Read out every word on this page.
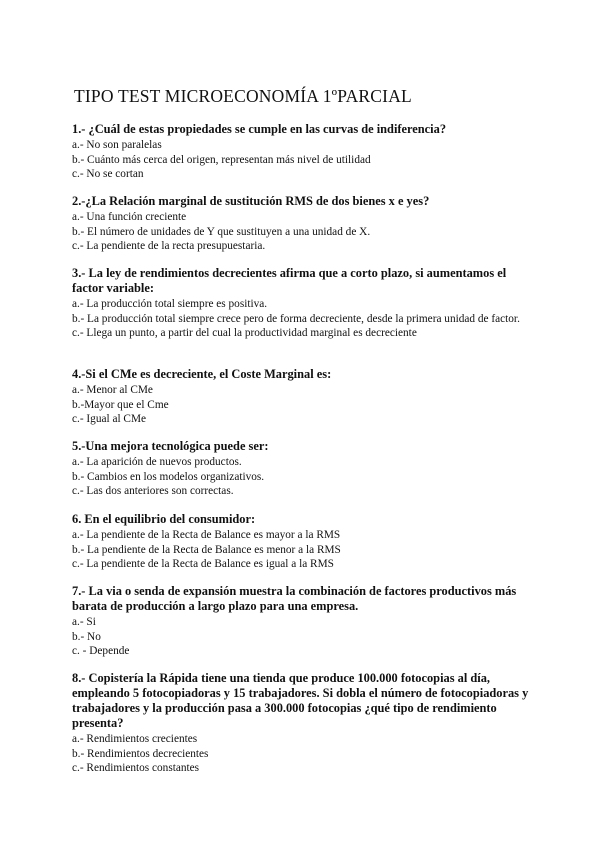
TIPO TEST MICROECONOMÍA 1ºPARCIAL

1.- ¿Cuál de estas propiedades se cumple en las curvas de indiferencia?

a.- No son paralelas

b.- Cuánto más cerca del origen, representan más nivel de utilidad

c.- No se cortan

2.-¿La Relación marginal de sustitución RMS de dos bienes x e yes?

a.- Una función creciente

b.- El número de unidades de Y que sustituyen a una unidad de X.

c.- La pendiente de la recta presupuestaria.

3.- La ley de rendimientos decrecientes afirma que a corto plazo, si aumentamos el factor variable:

a.- La producción total siempre es positiva.

b.- La producción total siempre crece pero de forma decreciente, desde la primera unidad de factor.

c.- Llega un punto, a partir del cual la productividad marginal es decreciente

4.-Si el CMe es decreciente, el Coste Marginal es:

a.- Menor al CMe

b.-Mayor que el Cme

c.- Igual al CMe

5.-Una mejora tecnológica puede ser:

a.- La aparición de nuevos productos.

b.- Cambios en los modelos organizativos.

c.- Las dos anteriores son correctas.

6. En el equilibrio del consumidor:

a.- La pendiente de la Recta de Balance es mayor a la RMS

b.- La pendiente de la Recta de Balance es menor a la RMS

c.- La pendiente de la Recta de Balance es igual a la RMS

7.- La via o senda de expansión muestra la combinación de factores productivos más barata de producción a largo plazo para una empresa.

a.- Si

b.- No

c. - Depende

8.- Copistería la Rápida tiene una tienda que produce 100.000 fotocopias al día, empleando 5 fotocopiadoras y 15 trabajadores. Si dobla el número de fotocopiadoras y trabajadores y la producción pasa a 300.000 fotocopias ¿qué tipo de rendimiento presenta?

a.- Rendimientos crecientes

b.- Rendimientos decrecientes

c.- Rendimientos constantes
